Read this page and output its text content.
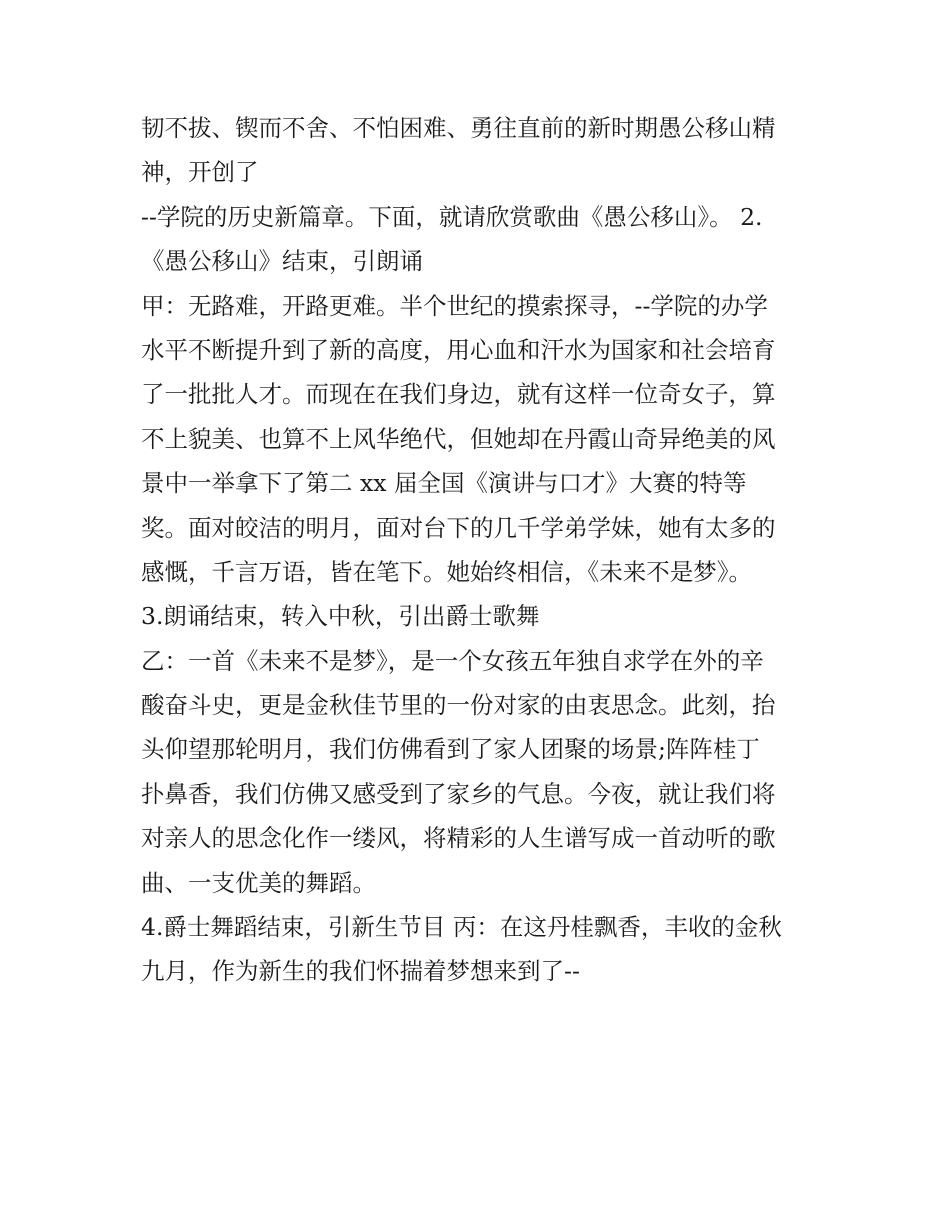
韧不拔、锲而不舍、不怕困难、勇往直前的新时期愚公移山精
神，开创了
--学院的历史新篇章。下面，就请欣赏歌曲《愚公移山》。 2.
《愚公移山》结束，引朗诵
甲：无路难，开路更难。半个世纪的摸索探寻，--学院的办学
水平不断提升到了新的高度，用心血和汗水为国家和社会培育
了一批批人才。而现在在我们身边，就有这样一位奇女子，算
不上貌美、也算不上风华绝代，但她却在丹霞山奇异绝美的风
景中一举拿下了第二 xx 届全国《演讲与口才》大赛的特等
奖。面对皎洁的明月，面对台下的几千学弟学妹，她有太多的
感慨，千言万语，皆在笔下。她始终相信，《未来不是梦》。
3.朗诵结束，转入中秋，引出爵士歌舞
乙：一首《未来不是梦》，是一个女孩五年独自求学在外的辛
酸奋斗史，更是金秋佳节里的一份对家的由衷思念。此刻，抬
头仰望那轮明月，我们仿佛看到了家人团聚的场景;阵阵桂丁
扑鼻香，我们仿佛又感受到了家乡的气息。今夜，就让我们将
对亲人的思念化作一缕风，将精彩的人生谱写成一首动听的歌
曲、一支优美的舞蹈。
4.爵士舞蹈结束，引新生节目 丙：在这丹桂飘香，丰收的金秋
九月，作为新生的我们怀揣着梦想来到了--
